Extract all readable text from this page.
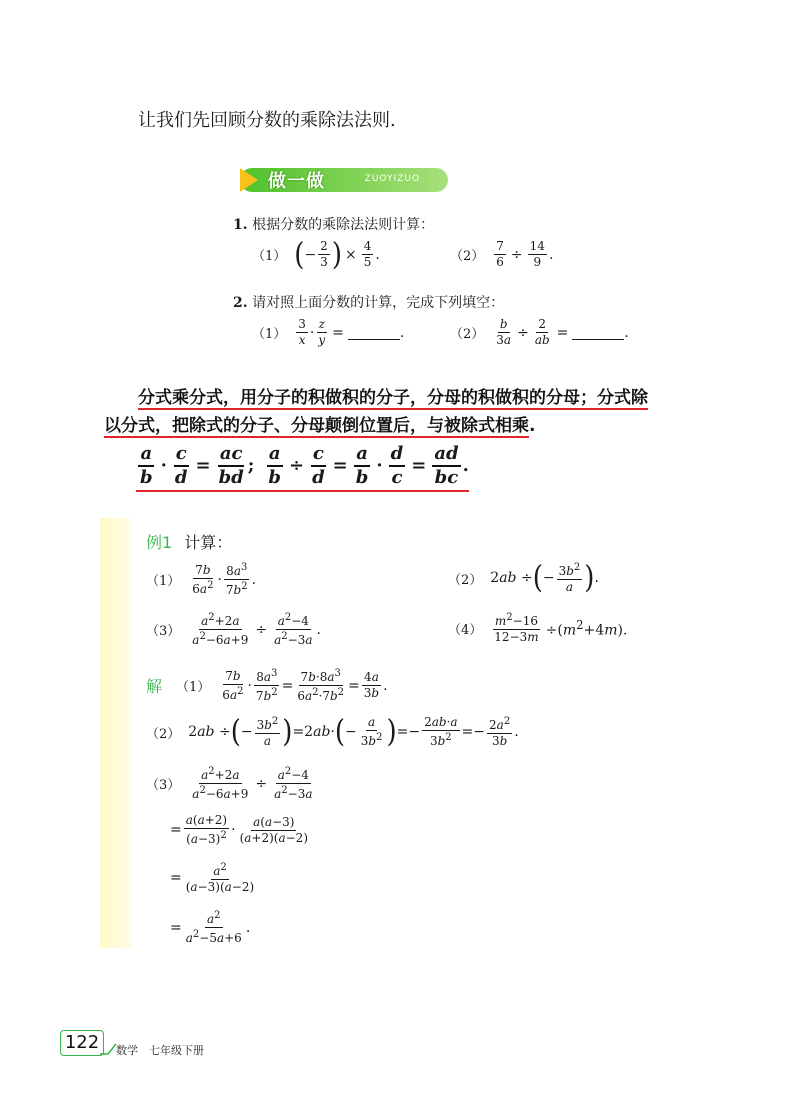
让我们先回顾分数的乘除法法则.
做一做	ZUOYIZUO
1. 根据分数的乘除法法则计算：
（1） ( − $\frac{2}{3}$ ) × $\frac{4}{5}$ .	$(2) \frac{7}{6} \div \frac{14}{9}$ .
2. 请对照上面分数的计算，完成下列填空：
$(1) \frac{3}{x} \cdot \frac{z}{y}$ =	.	$(2) \frac{b}{3a} \div \frac{2}{ab}$ =	.
分式乘分式，用分子的积做积的分子，分母的积做积的分母；分式除
以分式，把除式的分子、分母颠倒位置后，与被除式相乘.
$\frac{a}{b} \cdot \frac{c}{d} = \frac{ac}{bd}$ ; $\frac{a}{b} \div \frac{c}{d} = \frac{a}{b} \cdot \frac{d}{c} = \frac{ad}{bc}$ .
例1 计算：
$(1) \frac{7b}{6a^2} \cdot \frac{8a^3}{7b^2}$ .	（2） 2ab ÷ ( − $\frac{3b^2}{a}$ ) .
$(3) \frac{a^2+2a}{a^2-6a+9} \div \frac{a^2-4}{a^2-3a}$ .	$(4) \frac{m^2-16}{12-3m} \div(m^2+4m)$.
解 $(1) \frac{7b}{6a^2} \cdot \frac{8a^3}{7b^2} = \frac{7b\cdot 8a^3}{6a^2\cdot 7b^2} = \frac{4a}{3b}$ .
（2） 2ab ÷ ( − $\frac{3b^2}{a}$ ) =2ab· ( − $\frac{a}{3b^2}$ ) =− $\frac{2ab\cdot a}{3b^2} =- \frac{2a^2}{3b}$ .
$(3) \frac{a^2+2a}{a^2-6a+9} \div \frac{a^2-4}{a^2-3a}$
= $\frac{a(a+2)}{(a-3)^2} \cdot \frac{a(a-3)}{(a+2)(a-2)}$
= $\frac{a^2}{(a-3)(a-2)}$
= $\frac{a^2}{a^2-5a+6}$ .
122	数学　七年级下册
